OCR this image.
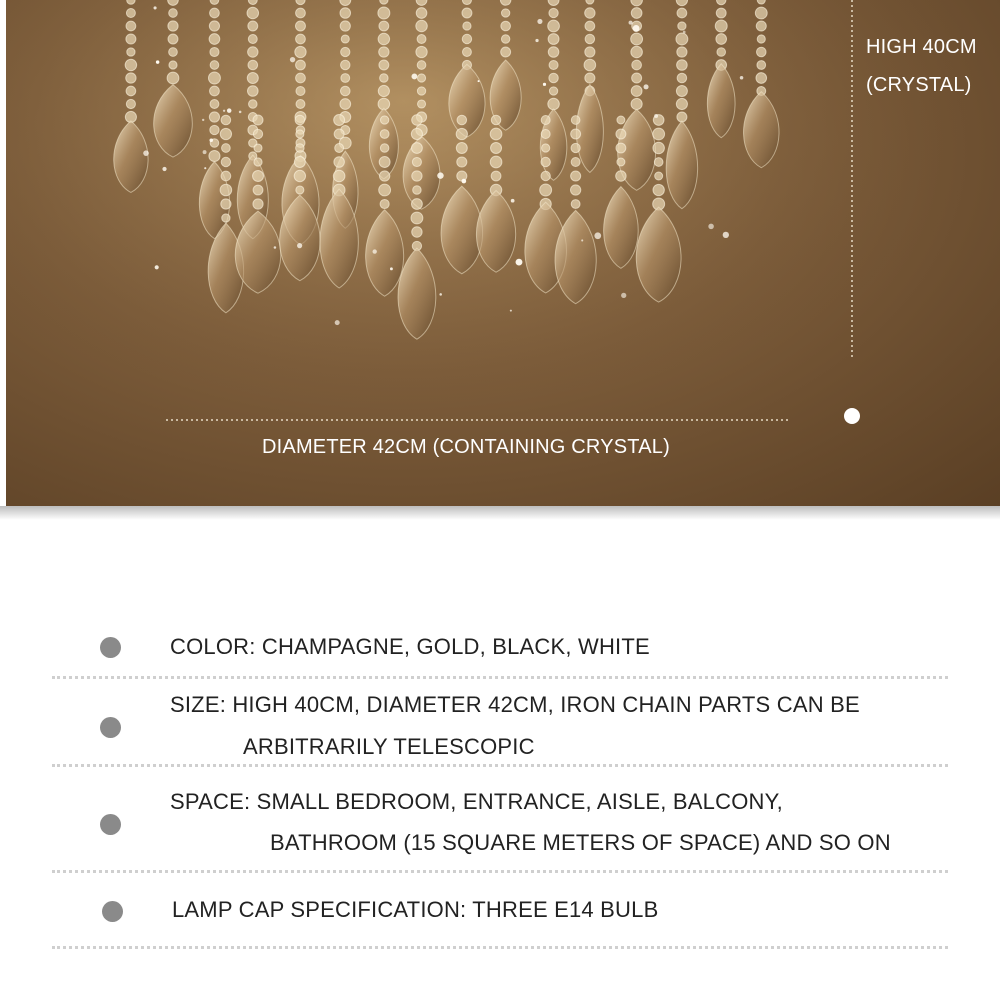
HIGH 40CM
(CRYSTAL)
DIAMETER 42CM (CONTAINING CRYSTAL)
COLOR: CHAMPAGNE, GOLD, BLACK, WHITE
SIZE: HIGH 40CM, DIAMETER 42CM, IRON CHAIN PARTS CAN BE
ARBITRARILY TELESCOPIC
SPACE: SMALL BEDROOM, ENTRANCE, AISLE, BALCONY,
BATHROOM (15 SQUARE METERS OF SPACE) AND SO ON
LAMP CAP SPECIFICATION: THREE E14 BULB
